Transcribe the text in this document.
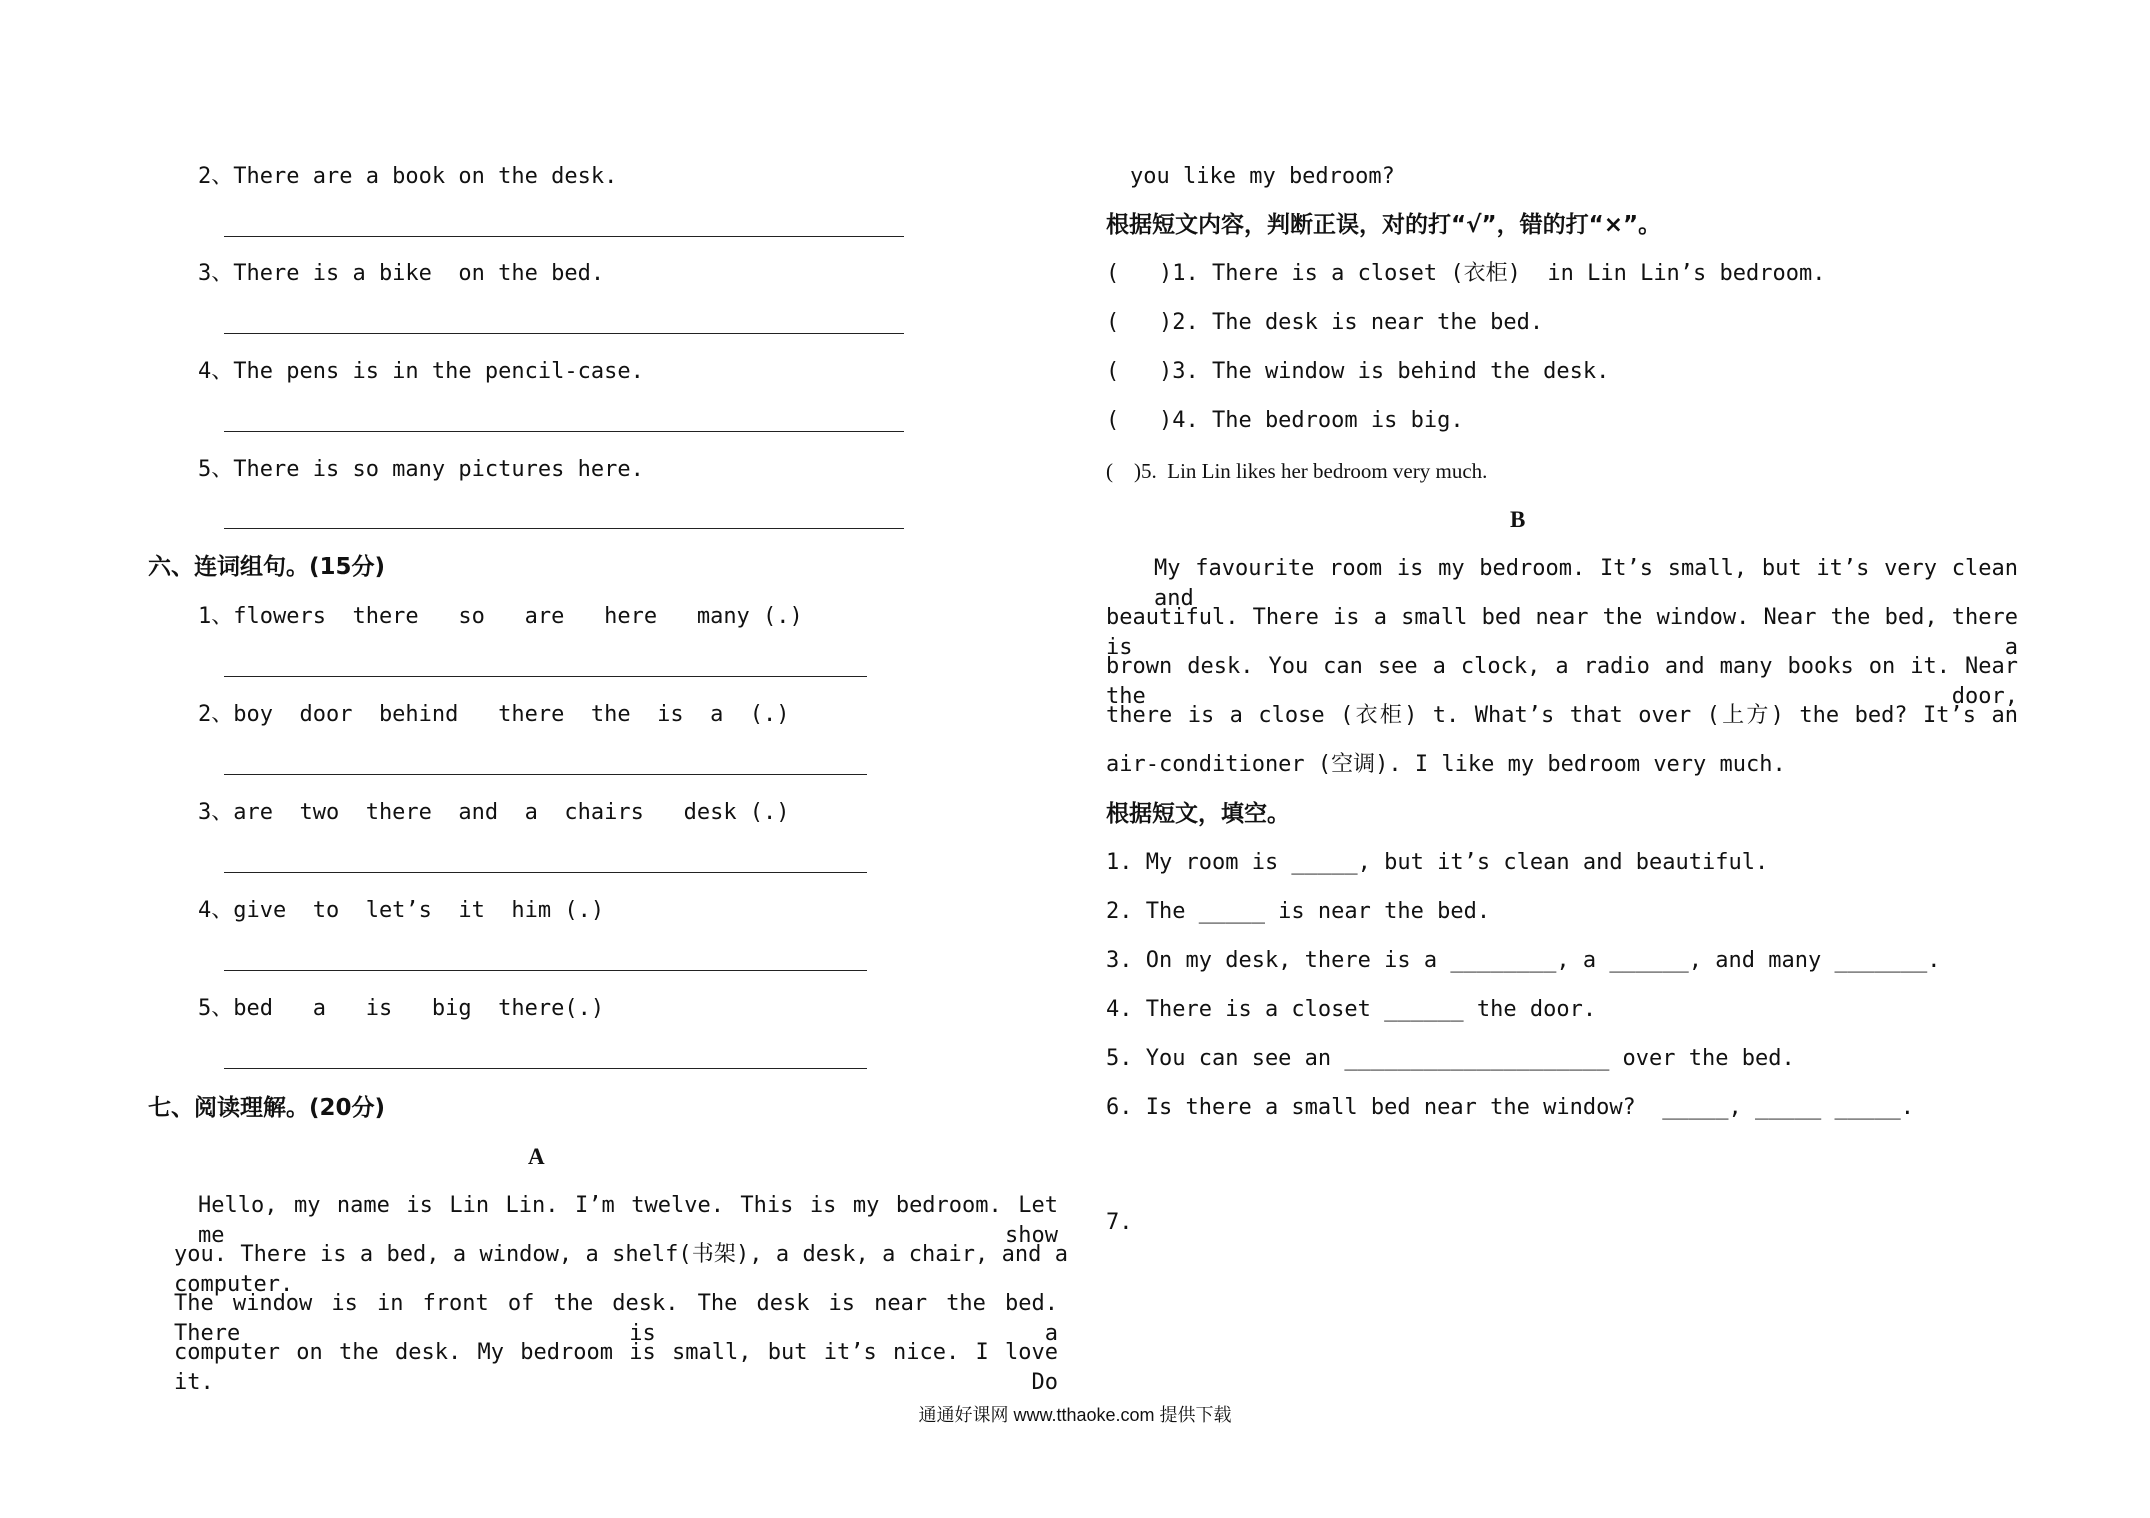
2、There are a book on the desk.
3、There is a bike  on the bed.
4、The pens is in the pencil-case.
5、There is so many pictures here.
六、连词组句。(15分)
1、flowers  there   so   are   here   many (.)
2、boy  door  behind   there  the  is  a  (.)
3、are  two  there  and  a  chairs   desk (.)
4、give  to  let’s  it  him (.)
5、bed   a   is   big  there(.)
七、阅读理解。(20分)
A
Hello, my name is Lin Lin. I’m twelve. This is my bedroom. Let me show
you. There is a bed, a window, a shelf(书架), a desk, a chair, and a computer.
The window is in front of the desk. The desk is near the bed. There is a
computer on the desk. My bedroom is small, but it’s nice. I love it. Do
you like my bedroom?
根据短文内容，判断正误，对的打“√”，错的打“×”。
(   )1. There is a closet (衣柜)  in Lin Lin’s bedroom.
(   )2. The desk is near the bed.
(   )3. The window is behind the desk.
(   )4. The bedroom is big.
(    )5.  Lin Lin likes her bedroom very much.
B
My favourite room is my bedroom. It’s small, but it’s very clean and
beautiful. There is a small bed near the window. Near the bed, there is a
brown desk. You can see a clock, a radio and many books on it. Near the door,
there is a close (衣柜) t. What’s that over (上方) the bed? It’s an
air-conditioner (空调). I like my bedroom very much.
根据短文，填空。
1. My room is _____, but it’s clean and beautiful.
2. The _____ is near the bed.
3. On my desk, there is a ________, a ______, and many _______.
4. There is a closet ______ the door.
5. You can see an ____________________ over the bed.
6. Is there a small bed near the window?  _____, _____ _____.
7.
通通好课网 www.tthaoke.com 提供下载
